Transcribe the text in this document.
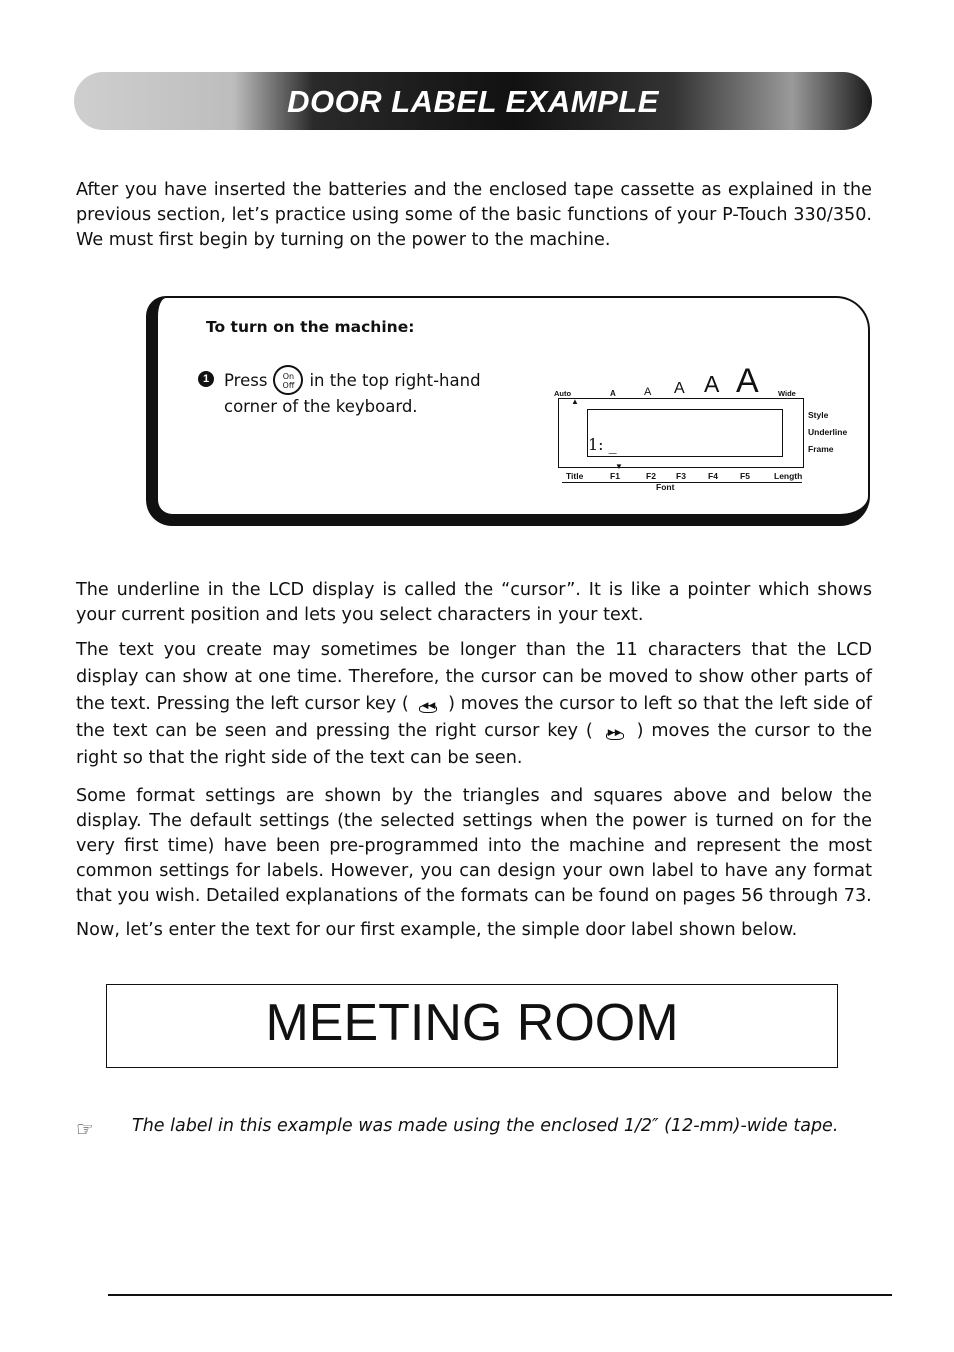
DOOR LABEL EXAMPLE

After you have inserted the batteries and the enclosed tape cassette as explained in the previous section, let’s practice using some of the basic functions of your P-Touch 330/350. We must first begin by turning on the power to the machine.

To turn on the machine:
1 Press	On
Off in the top right-hand corner of the keyboard.
Auto	A	A A A A	Wide
▲
1: _
▼
Style
Underline
Frame
Title	F1	F2 F3	F4	F5	Length
Font

The underline in the LCD display is called the “cursor”. It is like a pointer which shows your current position and lets you select characters in your text.

The text you create may sometimes be longer than the 11 characters that the LCD display can show at one time. Therefore, the cursor can be moved to show other parts of the text. Pressing the left cursor key (	◀◀ ) moves the cursor to left so that the left side of the text can be seen and pressing the right cursor key (	▶▶ ) moves the cursor to the right so that the right side of the text can be seen.

Some format settings are shown by the triangles and squares above and below the display. The default settings (the selected settings when the power is turned on for the very first time) have been pre-programmed into the machine and represent the most common settings for labels. However, you can design your own label to have any format that you wish. Detailed explanations of the formats can be found on pages 56 through 73.

Now, let’s enter the text for our first example, the simple door label shown below.

MEETING ROOM
☞ The label in this example was made using the enclosed 1/2″ (12-mm)-wide tape.
